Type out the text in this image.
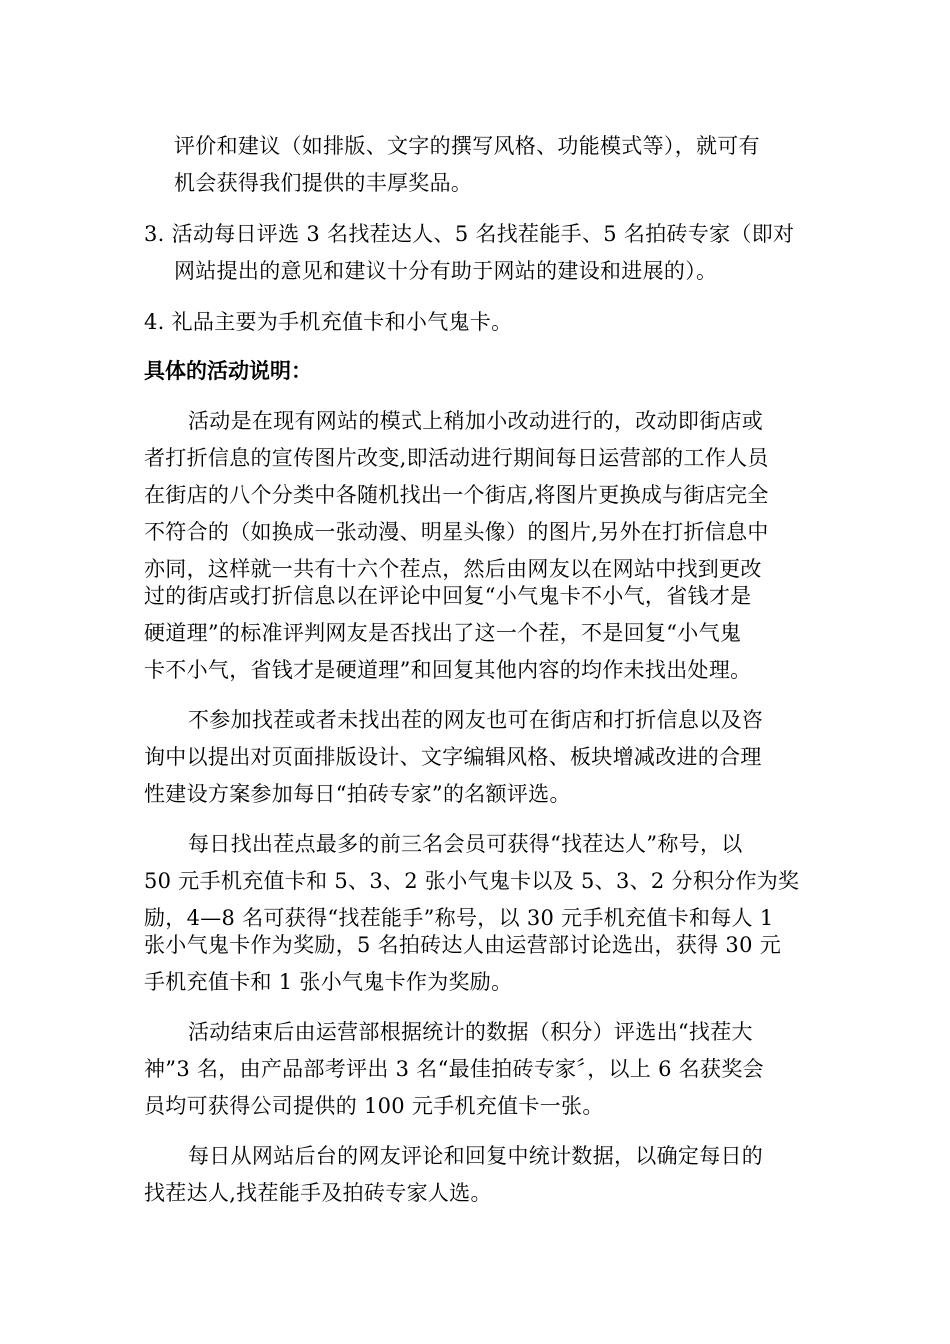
评价和建议（如排版、文字的撰写风格、功能模式等），就可有

机会获得我们提供的丰厚奖品。

3. 活动每日评选 3 名找茬达人、5 名找茬能手、5 名拍砖专家（即对

网站提出的意见和建议十分有助于网站的建设和进展的）。

4. 礼品主要为手机充值卡和小气鬼卡。

具体的活动说明：

活动是在现有网站的模式上稍加小改动进行的，改动即街店或

者打折信息的宣传图片改变,即活动进行期间每日运营部的工作人员

在街店的八个分类中各随机找出一个街店,将图片更换成与街店完全

不符合的（如换成一张动漫、明星头像）的图片,另外在打折信息中

亦同，这样就一共有十六个茬点，然后由网友以在网站中找到更改

过的街店或打折信息以在评论中回复“小气鬼卡不小气，省钱才是

硬道理”的标准评判网友是否找出了这一个茬，不是回复“小气鬼

卡不小气，省钱才是硬道理”和回复其他内容的均作未找出处理。

不参加找茬或者未找出茬的网友也可在街店和打折信息以及咨

询中以提出对页面排版设计、文字编辑风格、板块增减改进的合理

性建设方案参加每日“拍砖专家”的名额评选。

每日找出茬点最多的前三名会员可获得“找茬达人”称号，以

50 元手机充值卡和 5、3、2 张小气鬼卡以及 5、3、2 分积分作为奖

励，4—8 名可获得“找茬能手”称号，以 30 元手机充值卡和每人 1

张小气鬼卡作为奖励，5 名拍砖达人由运营部讨论选出，获得 30 元

手机充值卡和 1 张小气鬼卡作为奖励。

活动结束后由运营部根据统计的数据（积分）评选出“找茬大

神”3 名，由产品部考评出 3 名“最佳拍砖专家〞，以上 6 名获奖会

员均可获得公司提供的 100 元手机充值卡一张。

每日从网站后台的网友评论和回复中统计数据，以确定每日的

找茬达人,找茬能手及拍砖专家人选。
